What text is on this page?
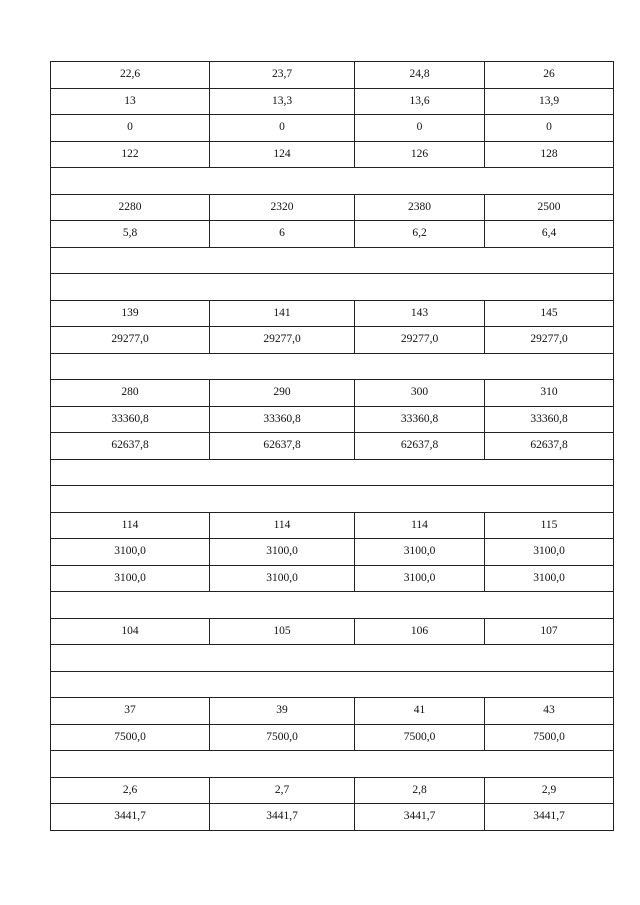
22,6	23,7	24,8	26
13	13,3	13,6	13,9
0	0	0	0
122	124	126	128

2280	2320	2380	2500
5,8	6	6,2	6,4

139	141	143	145
29277,0	29277,0	29277,0	29277,0

280	290	300	310
33360,8	33360,8	33360,8	33360,8
62637,8	62637,8	62637,8	62637,8

114	114	114	115
3100,0	3100,0	3100,0	3100,0
3100,0	3100,0	3100,0	3100,0

104	105	106	107

37	39	41	43
7500,0	7500,0	7500,0	7500,0

2,6	2,7	2,8	2,9
3441,7	3441,7	3441,7	3441,7
